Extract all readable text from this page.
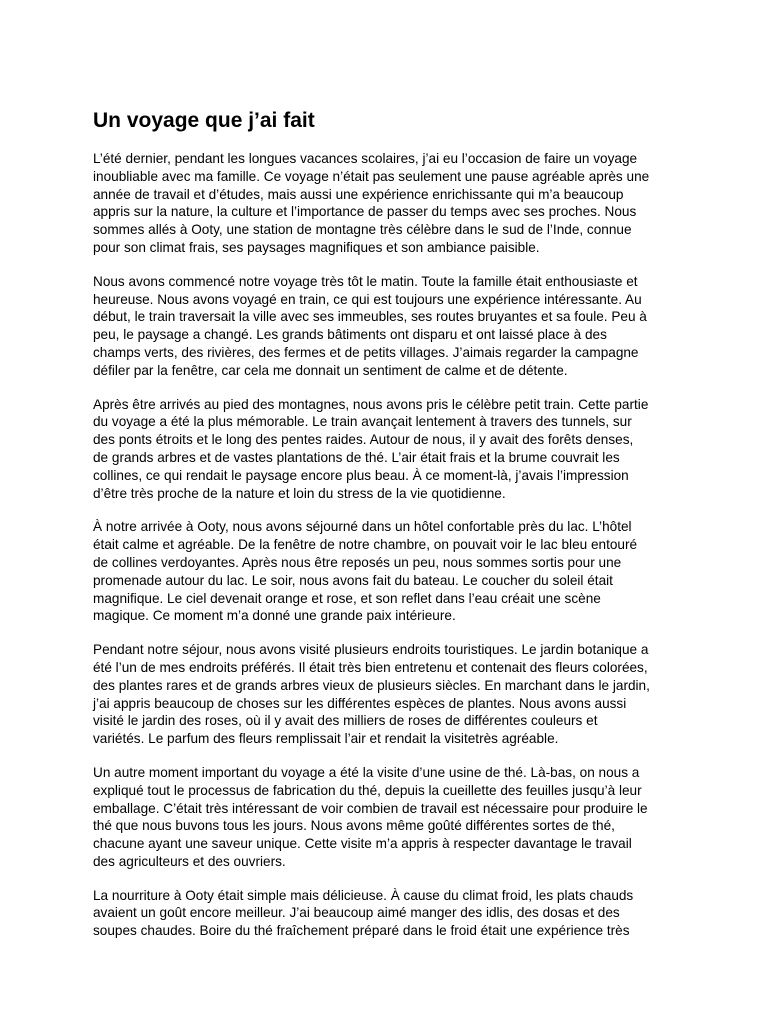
Un voyage que j’ai fait

L’été dernier, pendant les longues vacances scolaires, j’ai eu l’occasion de faire un voyage
inoubliable avec ma famille. Ce voyage n’était pas seulement une pause agréable après une
année de travail et d’études, mais aussi une expérience enrichissante qui m’a beaucoup
appris sur la nature, la culture et l’importance de passer du temps avec ses proches. Nous
sommes allés à Ooty, une station de montagne très célèbre dans le sud de l’Inde, connue
pour son climat frais, ses paysages magnifiques et son ambiance paisible.

Nous avons commencé notre voyage très tôt le matin. Toute la famille était enthousiaste et
heureuse. Nous avons voyagé en train, ce qui est toujours une expérience intéressante. Au
début, le train traversait la ville avec ses immeubles, ses routes bruyantes et sa foule. Peu à
peu, le paysage a changé. Les grands bâtiments ont disparu et ont laissé place à des
champs verts, des rivières, des fermes et de petits villages. J’aimais regarder la campagne
défiler par la fenêtre, car cela me donnait un sentiment de calme et de détente.

Après être arrivés au pied des montagnes, nous avons pris le célèbre petit train. Cette partie
du voyage a été la plus mémorable. Le train avançait lentement à travers des tunnels, sur
des ponts étroits et le long des pentes raides. Autour de nous, il y avait des forêts denses,
de grands arbres et de vastes plantations de thé. L’air était frais et la brume couvrait les
collines, ce qui rendait le paysage encore plus beau. À ce moment-là, j’avais l’impression
d’être très proche de la nature et loin du stress de la vie quotidienne.

À notre arrivée à Ooty, nous avons séjourné dans un hôtel confortable près du lac. L’hôtel
était calme et agréable. De la fenêtre de notre chambre, on pouvait voir le lac bleu entouré
de collines verdoyantes. Après nous être reposés un peu, nous sommes sortis pour une
promenade autour du lac. Le soir, nous avons fait du bateau. Le coucher du soleil était
magnifique. Le ciel devenait orange et rose, et son reflet dans l’eau créait une scène
magique. Ce moment m’a donné une grande paix intérieure.

Pendant notre séjour, nous avons visité plusieurs endroits touristiques. Le jardin botanique a
été l’un de mes endroits préférés. Il était très bien entretenu et contenait des fleurs colorées,
des plantes rares et de grands arbres vieux de plusieurs siècles. En marchant dans le jardin,
j’ai appris beaucoup de choses sur les différentes espèces de plantes. Nous avons aussi
visité le jardin des roses, où il y avait des milliers de roses de différentes couleurs et
variétés. Le parfum des fleurs remplissait l’air et rendait la visitetrès agréable.

Un autre moment important du voyage a été la visite d’une usine de thé. Là-bas, on nous a
expliqué tout le processus de fabrication du thé, depuis la cueillette des feuilles jusqu’à leur
emballage. C’était très intéressant de voir combien de travail est nécessaire pour produire le
thé que nous buvons tous les jours. Nous avons même goûté différentes sortes de thé,
chacune ayant une saveur unique. Cette visite m’a appris à respecter davantage le travail
des agriculteurs et des ouvriers.

La nourriture à Ooty était simple mais délicieuse. À cause du climat froid, les plats chauds
avaient un goût encore meilleur. J’ai beaucoup aimé manger des idlis, des dosas et des
soupes chaudes. Boire du thé fraîchement préparé dans le froid était une expérience très
